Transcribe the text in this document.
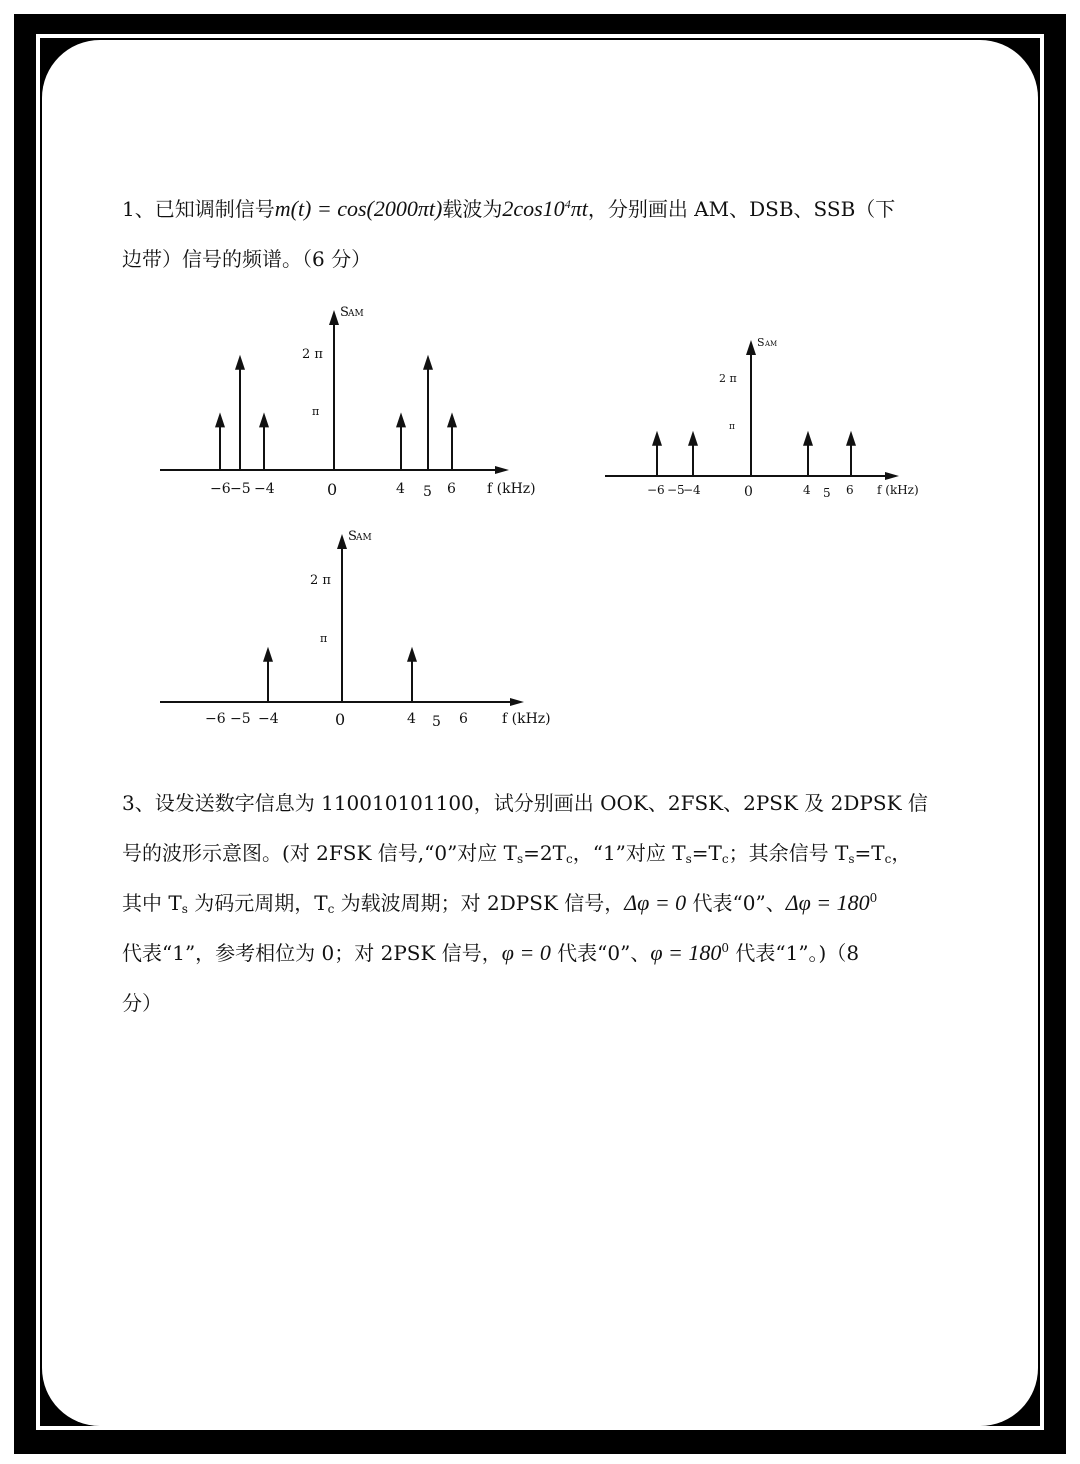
1、已知调制信号m(t) = cos(2000πt)载波为$2\cos 10^4\pi t$，分别画出 AM、DSB、SSB（下
边带）信号的频谱。（6 分）
S AM
2 π
π
0
−6 −5 −4	4 5 6 f (kHz)
S AM
2 π
π
0
−6 −5
−4	4 5 6 f (kHz)
S AM
2 π
π
0
−6 −5 −4	4 5 6 f (kHz)
3、设发送数字信息为 110010101100，试分别画出 OOK、2FSK、2PSK 及 2DPSK 信
号的波形示意图。(对 2FSK 信号,“0”对应 $T_s=2T_c$，“1”对应 $T_s=T_c$；其余信号 $T_s=T_c$，
其中 $T_s$ 为码元周期，$T_c$ 为载波周期；对 2DPSK 信号，Δφ = 0 代表“0”、$\Delta\varphi = 180^0$
代表“1”，参考相位为 0；对 2PSK 信号，φ = 0 代表“0”、$\varphi = 180^0$ 代表“1”。)（8
分）
